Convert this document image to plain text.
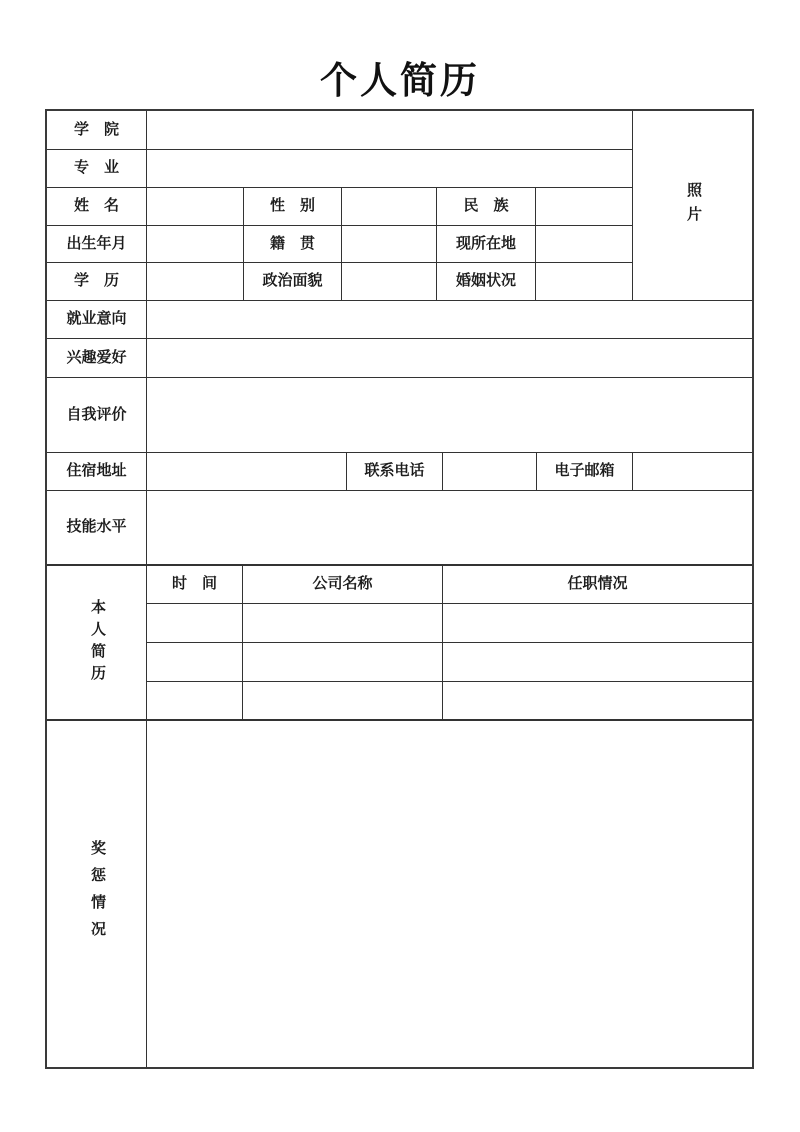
个人简历
学　院
专　业
姓　名	性　别	民　族
出生年月	籍　贯	现所在地
学　历	政治面貌	婚姻状况
照片
就业意向
兴趣爱好
自我评价
住宿地址	联系电话	电子邮箱
技能水平
本人简历
时　间	公司名称	任职情况
奖惩情况
